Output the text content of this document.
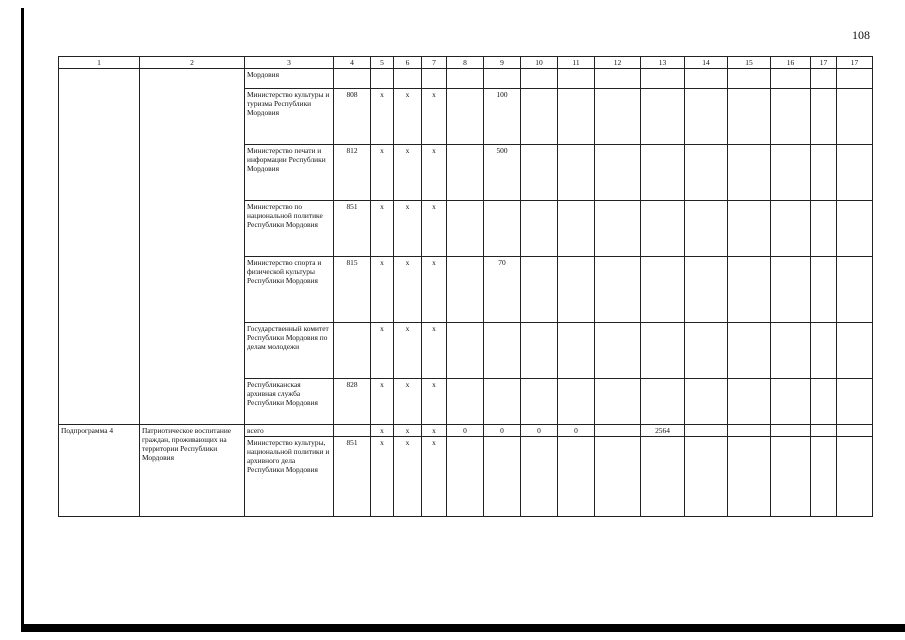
108
1	2	3	4	5	6	7	8	9	10	11	12	13	14	15	16	17	17
		Мордовия															
		Министерство культуры и туризма Республики Мордовия	808	х	х	х		100									
		Министерство печати и информации Республики Мордовия	812	х	х	х		500									
		Министерство по национальной политике Республики Мордовия	851	х	х	х											
		Министерство спорта и физической культуры Республики Мордовия	815	х	х	х		70									
		Государственный комитет Республики Мордовия по делам молодежи		х	х	х											
		Республиканская архивная служба Республики Мордовия	828	х	х	х											
Подпрограмма 4	Патриотическое воспитание граждан, проживающих на территории Республики Мордовия	всего		х	х	х	0	0	0	0		2564					
		Министерство культуры, национальной политики и архивного дела Республики Мордовия	851	х	х	х											
